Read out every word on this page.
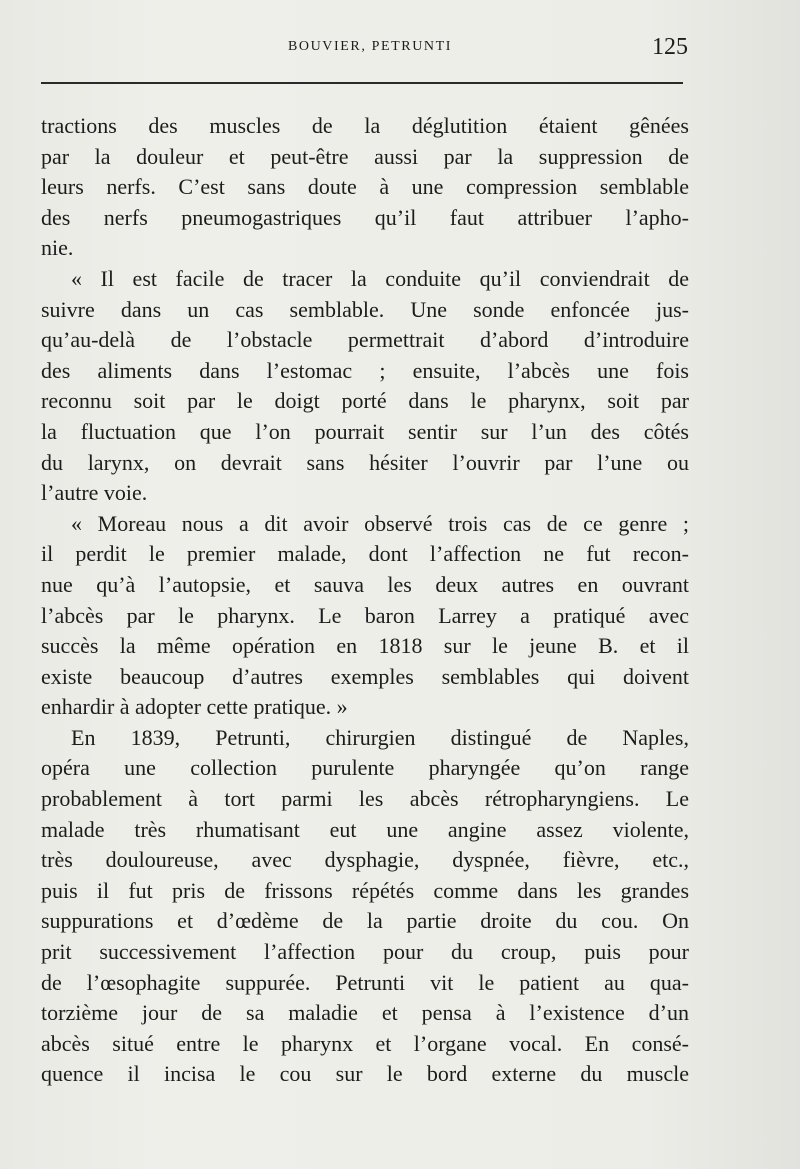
BOUVIER, PETRUNTI	125
tractions des muscles de la déglutition étaient gênées
par la douleur et peut-être aussi par la suppression de
leurs nerfs. C’est sans doute à une compression semblable
des nerfs pneumogastriques qu’il faut attribuer l’apho-
nie.
« Il est facile de tracer la conduite qu’il conviendrait de
suivre dans un cas semblable. Une sonde enfoncée jus-
qu’au-delà de l’obstacle permettrait d’abord d’introduire
des aliments dans l’estomac ; ensuite, l’abcès une fois
reconnu soit par le doigt porté dans le pharynx, soit par
la fluctuation que l’on pourrait sentir sur l’un des côtés
du larynx, on devrait sans hésiter l’ouvrir par l’une ou
l’autre voie.
« Moreau nous a dit avoir observé trois cas de ce genre ;
il perdit le premier malade, dont l’affection ne fut recon-
nue qu’à l’autopsie, et sauva les deux autres en ouvrant
l’abcès par le pharynx. Le baron Larrey a pratiqué avec
succès la même opération en 1818 sur le jeune B. et il
existe beaucoup d’autres exemples semblables qui doivent
enhardir à adopter cette pratique. »
En 1839, Petrunti, chirurgien distingué de Naples,
opéra une collection purulente pharyngée qu’on range
probablement à tort parmi les abcès rétropharyngiens. Le
malade très rhumatisant eut une angine assez violente,
très douloureuse, avec dysphagie, dyspnée, fièvre, etc.,
puis il fut pris de frissons répétés comme dans les grandes
suppurations et d’œdème de la partie droite du cou. On
prit successivement l’affection pour du croup, puis pour
de l’œsophagite suppurée. Petrunti vit le patient au qua-
torzième jour de sa maladie et pensa à l’existence d’un
abcès situé entre le pharynx et l’organe vocal. En consé-
quence il incisa le cou sur le bord externe du muscle
